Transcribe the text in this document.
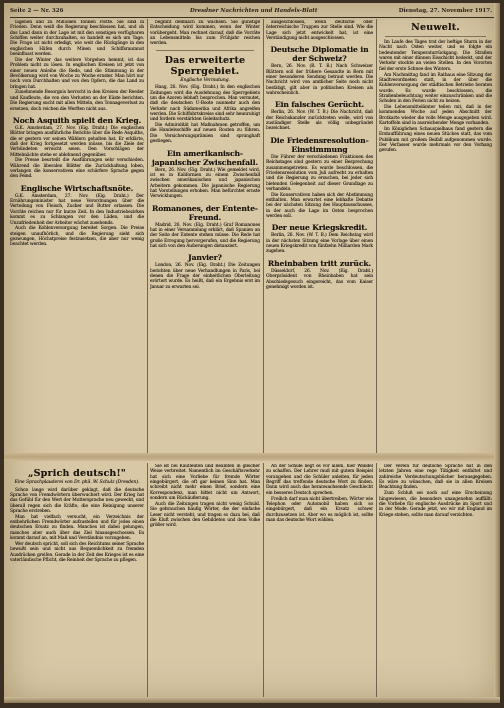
Seite 2 — Nr. 326	Dresdner Nachrichten und Handels-Blatt	Dienstag, 27. November 1917.

lagenen und zu Millionen Tonnen Flotte. Sie sind in Frieden. Denn weiß die Regierung beschlossen hat, und ob das Land dann in der Lage ist mit den sonstigen verfügbaren Schiffen weiter durchzuhalten, so handelt es sich um Tage. Die Frage ist nicht erledigt, wie weit die Rückgänge in den englischen Häfen durch Minen und Schiffsraumnot beeinflusst werden.

Die der Winter das weitere Vorgehen hemmt, ist das Problem nicht zu lösen. In englischen Kreisen ist jetzt von einer neuen Anleihe die Rede, und die Stimmung in der Bevölkerung wird von Woche zu Woche ernster. Man hört nur noch vom Durchhalten und von den Opfern, die das Land zu bringen hat.

Zunehmende Besorgnis herrscht in den Kreisen der Reeder und Kaufleute, die von den Verlusten an der Küste berichten. Die Regierung sucht mit allen Mitteln, den Tonnageverlust zu ersetzen, doch reichen die Werften nicht aus.

Noch Asquith spielt den Krieg.

G.K. Amsterdam, 27. Nov. (Eig. Draht.) Die englischen Blätter bringen ausführliche Berichte über die Rede Asquiths, die er gestern vor seinen Wählern gehalten hat. Er erklärte, daß der Krieg fortgesetzt werden müsse, bis die Ziele der Verbündeten erreicht seien. Den Vorschlägen der Mittelmächte stehe er ablehnend gegenüber.

Die Presse beurteilt die Ausführungen sehr verschieden. Während die liberalen Blätter die Zurückhaltung loben, verlangen die konservativen eine schärfere Sprache gegen den Feind.

Englische Wirtschaftsnöte.

G.K. Amsterdam, 27. Nov. (Eig. Draht.) Der Ernährungsminister hat neue Verordnungen über die Verteilung von Fleisch, Zucker und Butter erlassen. Die Vorräte reichen nur für kurze Zeit. In den Industriebezirken kommt es zu Schlangen vor den Läden, und die Unzufriedenheit der Arbeiter wächst zusehends.

Auch die Kohlenversorgung bereitet Sorgen. Die Preise steigen unaufhörlich, und die Regierung sieht sich gezwungen, Höchstpreise festzusetzen, die aber nur wenig beachtet werden.

beginnt demnach zu wachsen. Sie günstige Entscheidung wird kommen, wenn der Winter vorübergeht. Man rechnet darauf, daß die Vorräte an Lebensmitteln bis zum Frühjahr reichen werden.

Das erweiterte Sperrgebiet.
Englische Vermutung.

Haag, 26. Nov. (Eig. Draht.) In den englischen Zeitungen wird die Ausdehnung des Sperrgebiets um die Azoren lebhaft besprochen. Man vermutet, daß die deutschen U-Boote nunmehr auch den Verkehr nach Südamerika und Afrika angreifen werden. Die Schiffahrtskreise sind sehr beunruhigt und fordern verstärkten Geleitschutz.

Die Admiralität hat Maßnahmen getroffen, um die Handelsschiffe auf neuen Routen zu führen. Die Versicherungsprämien sind sprunghaft gestiegen.

Ein amerikanisch-japanischer Zwischenfall.

Bern, 26. Nov. (Eig. Draht.) Wie gemeldet wird, ist es in Kalifornien zu einem Zwischenfall zwischen amerikanischen und japanischen Arbeitern gekommen. Die japanische Regierung hat Vorstellungen erhoben. Man befürchtet ernste Verwicklungen.

Romanones, der Entente-Freund.

Madrid, 26. Nov. (Eig. Draht.) Graf Romanones hat in einer Versammlung erklärt, daß Spanien an der Seite der Entente stehen müsse. Die Rede hat große Erregung hervorgerufen, und die Regierung hat sich von den Äußerungen distanziert.

Janvier?

London, 26. Nov. (Eig. Draht.) Die Zeitungen berichten über neue Verhandlungen in Paris, bei denen die Frage der einheitlichen Oberleitung erörtert wurde. Es heißt, daß ein Ergebnis erst im Januar zu erwarten sei.

ausgeschlossen, wenn deutsche oder österreichische Truppen zur Stelle sind. Wie die Lage sich jetzt entwickelt hat, ist eine Verständigung nicht ausgeschlossen.

Deutsche Diplomatie in der Schweiz?

Bern, 26. Nov. (B. T. B.) Nach Schweizer Blättern soll der frühere Gesandte in Bern mit einer besonderen Sendung betraut werden. Die Nachricht wird von amtlicher Seite noch nicht bestätigt, gilt aber in politischen Kreisen als wahrscheinlich.

Ein falsches Gerücht.

Berlin, 26. Nov. (W. T. B.) Die Nachricht, daß der Reichskanzler zurücktreten wolle, wird von zuständiger Stelle als völlig unbegründet bezeichnet.

Die Friedensresolution-Einstimmung

Die Führer der verschiedenen Fraktionen des Reichstages sind gestern zu einer Besprechung zusammengetreten. Es wurde beschlossen, die Friedensresolution vom Juli aufrecht zu erhalten und die Regierung zu ersuchen, bei jeder sich bietenden Gelegenheit auf dieser Grundlage zu verhandeln.

Die Konservativen haben sich der Abstimmung enthalten. Man erwartet eine lebhafte Debatte bei der nächsten Sitzung des Hauptausschusses, in der auch die Lage im Osten besprochen werden soll.

Der neue Kriegskredit.

Berlin, 26. Nov. (W. T. B.) Dem Reichstag wird in der nächsten Sitzung eine Vorlage über einen neuen Kriegskredit von fünfzehn Milliarden Mark zugehen.

Rheinbaben tritt zurück.

Düsseldorf, 26. Nov. (Eig. Draht.) Oberpräsident von Rheinbaben hat sein Abschiedsgesuch eingereicht, das vom Kaiser genehmigt worden ist.

Neuwelt.

Im Laufe des Tages trat der heftige Sturm in der Nacht nach Osten weiter, und es folgte ein bedeutender Temperaturrückgang. Die Straßen waren mit einer dünnen Eisschicht bedeckt, und der Verkehr stockte an vielen Stellen. In den Vororten fiel der erste Schnee des Winters.

Am Nachmittag fand im Rathaus eine Sitzung der Stadtverordneten statt, in der über die Kohlenversorgung der städtischen Betriebe beraten wurde. Es wurde beschlossen, die Straßenbeleuchtung weiter einzuschränken und die Schulen in den Ferien nicht zu heizen.

Die Lebensmittelämter teilen mit, daß in der kommenden Woche auf jeden Abschnitt der Brotkarte wieder die volle Menge ausgegeben wird. Kartoffeln sind in ausreichender Menge vorhanden.

Im Königlichen Schauspielhaus fand gestern die Erstaufführung eines neuen Stückes statt, das vom Publikum mit großem Beifall aufgenommen wurde. Der Verfasser wurde mehrmals vor den Vorhang gerufen.

„Sprich deutsch!"
Eine Sprachplauderei von Dr. phil. W. Schulz (Dresden).

Schon lange wird darüber geklagt, daß die deutsche Sprache von Fremdwörtern überwuchert wird. Der Krieg hat das Gefühl für den Wert der Muttersprache neu geweckt, und überall regen sich die Kräfte, die eine Reinigung unserer Sprache erstreben.

Man hat vielfach versucht, ein Verzeichnis der entbehrlichen Fremdwörter aufzustellen und für jedes einen deutschen Ersatz zu finden. Manches ist dabei gelungen, manches aber auch über das Ziel hinausgeschossen. Es kommt darauf an, mit Maß und Verständnis vorzugehen.

Wer deutsch spricht, soll sich des Reichtums seiner Sprache bewußt sein und nicht aus Bequemlichkeit zu fremden Ausdrücken greifen. Gerade in der Zeit des Krieges ist es eine vaterländische Pflicht, die Reinheit der Sprache zu pflegen.

Sie ist bei Kaufleuten und Beamten in gleicher Weise verbreitet. Namentlich im Geschäftsverkehr hat sich eine Vorliebe für fremde Wörter eingebürgert, die oft gar keinen Sinn hat. Man schreibt nicht mehr einen Brief, sondern eine Korrespondenz, man bittet nicht um Antwort, sondern um Rückäußerung.

Auch die Zeitungen tragen nicht wenig Schuld. Sie gebrauchen häufig Wörter, die der einfache Leser nicht versteht, und tragen so dazu bei, daß die Kluft zwischen den Gebildeten und dem Volke größer wird.

An der Schule liegt es vor allem, hier Wandel zu schaffen. Der Lehrer muß mit gutem Beispiel vorangehen und die Schüler anleiten, für jeden Begriff das treffende deutsche Wort zu finden. Dann wird auch das heranwachsende Geschlecht ein besseres Deutsch sprechen.

Freilich darf man nicht übertreiben. Wörter wie Telephon oder Automobil haben sich so eingebürgert, daß ein Ersatz schwer durchzusetzen ist. Aber wo es möglich ist, sollte man das deutsche Wort wählen.

Der Verein für deutsche Sprache hat in den letzten Jahren eine rege Tätigkeit entfaltet und zahlreiche Verdeutschungsbücher herausgegeben. Es wäre zu wünschen, daß sie in allen Kreisen Beachtung finden.

Zum Schluß sei noch auf eine Erscheinung hingewiesen, die besonders unangenehm auffällt: die Vorliebe für englische Ausdrücke im Sport und in der Mode. Gerade jetzt, wo wir mit England im Kriege stehen, sollte man darauf verzichten.
